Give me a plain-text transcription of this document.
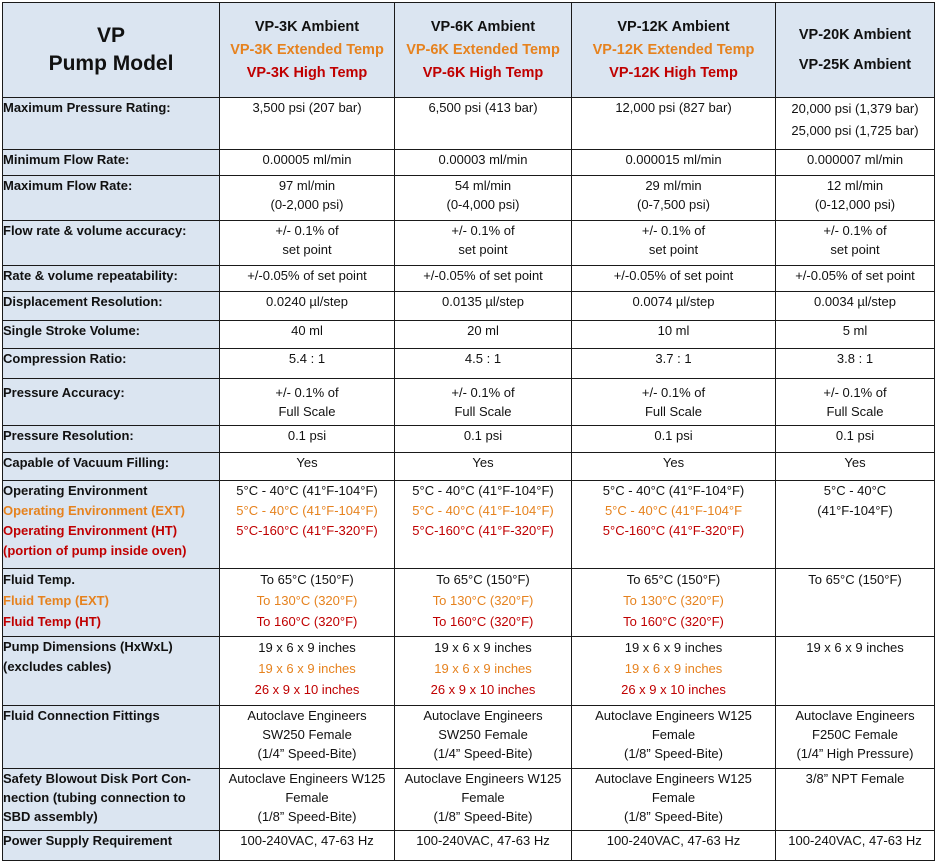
VP
Pump Model	VP-3K Ambient
VP-3K Extended Temp
VP-3K High Temp	VP-6K Ambient
VP-6K Extended Temp
VP-6K High Temp	VP-12K Ambient
VP-12K Extended Temp
VP-12K High Temp	VP-20K Ambient
VP-25K Ambient

Maximum Pressure Rating:	3,500 psi (207 bar)	6,500 psi (413 bar)	12,000 psi (827 bar)	20,000 psi (1,379 bar)
25,000 psi (1,725 bar)

Minimum Flow Rate:	0.00005 ml/min	0.00003 ml/min	0.000015 ml/min	0.000007 ml/min

Maximum Flow Rate:	97 ml/min
(0-2,000 psi)	54 ml/min
(0-4,000 psi)	29 ml/min
(0-7,500 psi)	12 ml/min
(0-12,000 psi)

Flow rate & volume accuracy:	+/- 0.1% of
set point	+/- 0.1% of
set point	+/- 0.1% of
set point	+/- 0.1% of
set point

Rate & volume repeatability:	+/-0.05% of set point	+/-0.05% of set point	+/-0.05% of set point	+/-0.05% of set point

Displacement Resolution:	0.0240 µl/step	0.0135 µl/step	0.0074 µl/step	0.0034 µl/step

Single Stroke Volume:	40 ml	20 ml	10 ml	5 ml

Compression Ratio:	5.4 : 1	4.5 : 1	3.7 : 1	3.8 : 1

Pressure Accuracy:	+/- 0.1% of
Full Scale	+/- 0.1% of
Full Scale	+/- 0.1% of
Full Scale	+/- 0.1% of
Full Scale

Pressure Resolution:	0.1 psi	0.1 psi	0.1 psi	0.1 psi

Capable of Vacuum Filling:	Yes	Yes	Yes	Yes

Operating Environment
Operating Environment (EXT)
Operating Environment (HT)
(portion of pump inside oven)	5°C - 40°C (41°F-104°F)
5°C - 40°C (41°F-104°F)
5°C-160°C (41°F-320°F)	5°C - 40°C (41°F-104°F)
5°C - 40°C (41°F-104°F)
5°C-160°C (41°F-320°F)	5°C - 40°C (41°F-104°F)
5°C - 40°C (41°F-104°F
5°C-160°C (41°F-320°F)	5°C - 40°C
(41°F-104°F)

Fluid Temp.
Fluid Temp (EXT)
Fluid Temp (HT)	To 65°C (150°F)
To 130°C (320°F)
To 160°C (320°F)	To 65°C (150°F)
To 130°C (320°F)
To 160°C (320°F)	To 65°C (150°F)
To 130°C (320°F)
To 160°C (320°F)	To 65°C (150°F)

Pump Dimensions (HxWxL)
(excludes cables)	19 x 6 x 9 inches
19 x 6 x 9 inches
26 x 9 x 10 inches	19 x 6 x 9 inches
19 x 6 x 9 inches
26 x 9 x 10 inches	19 x 6 x 9 inches
19 x 6 x 9 inches
26 x 9 x 10 inches	19 x 6 x 9 inches

Fluid Connection Fittings	Autoclave Engineers
SW250 Female
(1/4” Speed-Bite)	Autoclave Engineers
SW250 Female
(1/4” Speed-Bite)	Autoclave Engineers W125
Female
(1/8” Speed-Bite)	Autoclave Engineers
F250C Female
(1/4” High Pressure)

Safety Blowout Disk Port Con-
nection (tubing connection to
SBD assembly)	Autoclave Engineers W125
Female
(1/8” Speed-Bite)	Autoclave Engineers W125
Female
(1/8” Speed-Bite)	Autoclave Engineers W125
Female
(1/8” Speed-Bite)	3/8” NPT Female

Power Supply Requirement	100-240VAC, 47-63 Hz	100-240VAC, 47-63 Hz	100-240VAC, 47-63 Hz	100-240VAC, 47-63 Hz
